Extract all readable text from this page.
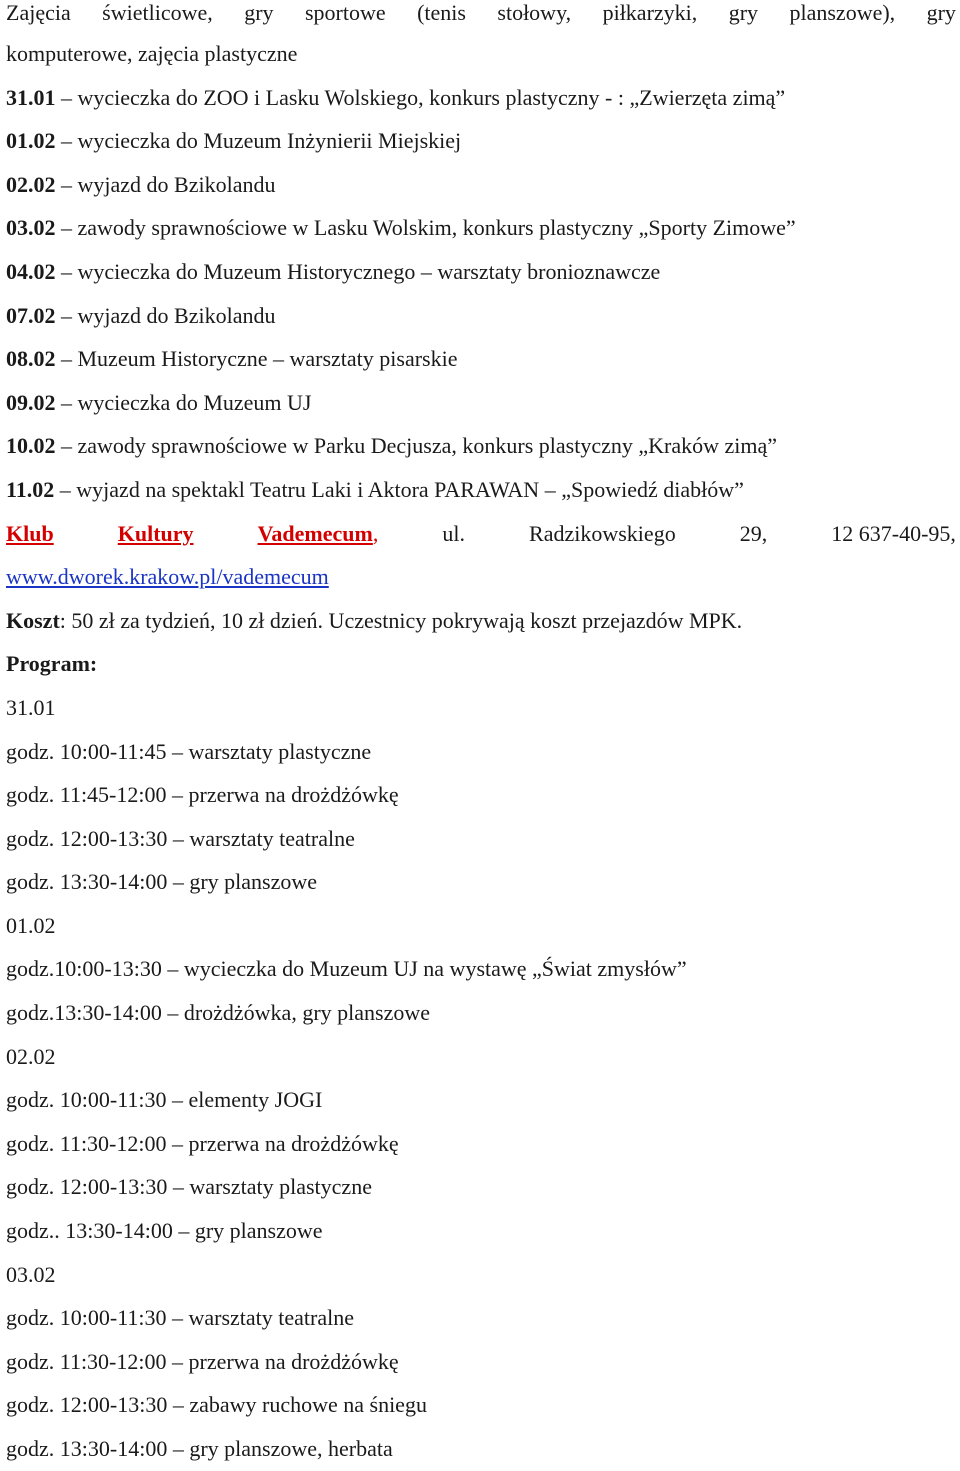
Zajęcia świetlicowe, gry sportowe (tenis stołowy, piłkarzyki, gry planszowe), gry
komputerowe, zajęcia plastyczne
31.01 – wycieczka do ZOO i Lasku Wolskiego, konkurs plastyczny - : „Zwierzęta zimą”
01.02 – wycieczka do Muzeum Inżynierii Miejskiej
02.02 – wyjazd do Bzikolandu
03.02 – zawody sprawnościowe w Lasku Wolskim, konkurs plastyczny „Sporty Zimowe”
04.02 – wycieczka do Muzeum Historycznego – warsztaty bronioznawcze
07.02 – wyjazd do Bzikolandu
08.02 – Muzeum Historyczne – warsztaty pisarskie
09.02 – wycieczka do Muzeum UJ
10.02 – zawody sprawnościowe w Parku Decjusza, konkurs plastyczny „Kraków zimą”
11.02 – wyjazd na spektakl Teatru Laki i Aktora PARAWAN – „Spowiedź diabłów”
Klub	Kultury	Vademecum,	ul.	Radzikowskiego	29,	12 637-40-95,
www.dworek.krakow.pl/vademecum
Koszt: 50 zł za tydzień, 10 zł dzień. Uczestnicy pokrywają koszt przejazdów MPK.
Program:
31.01
godz. 10:00-11:45 – warsztaty plastyczne
godz. 11:45-12:00 – przerwa na drożdżówkę
godz. 12:00-13:30 – warsztaty teatralne
godz. 13:30-14:00 – gry planszowe
01.02
godz.10:00-13:30 – wycieczka do Muzeum UJ na wystawę „Świat zmysłów”
godz.13:30-14:00 – drożdżówka, gry planszowe
02.02
godz. 10:00-11:30 – elementy JOGI
godz. 11:30-12:00 – przerwa na drożdżówkę
godz. 12:00-13:30 – warsztaty plastyczne
godz.. 13:30-14:00 – gry planszowe
03.02
godz. 10:00-11:30 – warsztaty teatralne
godz. 11:30-12:00 – przerwa na drożdżówkę
godz. 12:00-13:30 – zabawy ruchowe na śniegu
godz. 13:30-14:00 – gry planszowe, herbata
